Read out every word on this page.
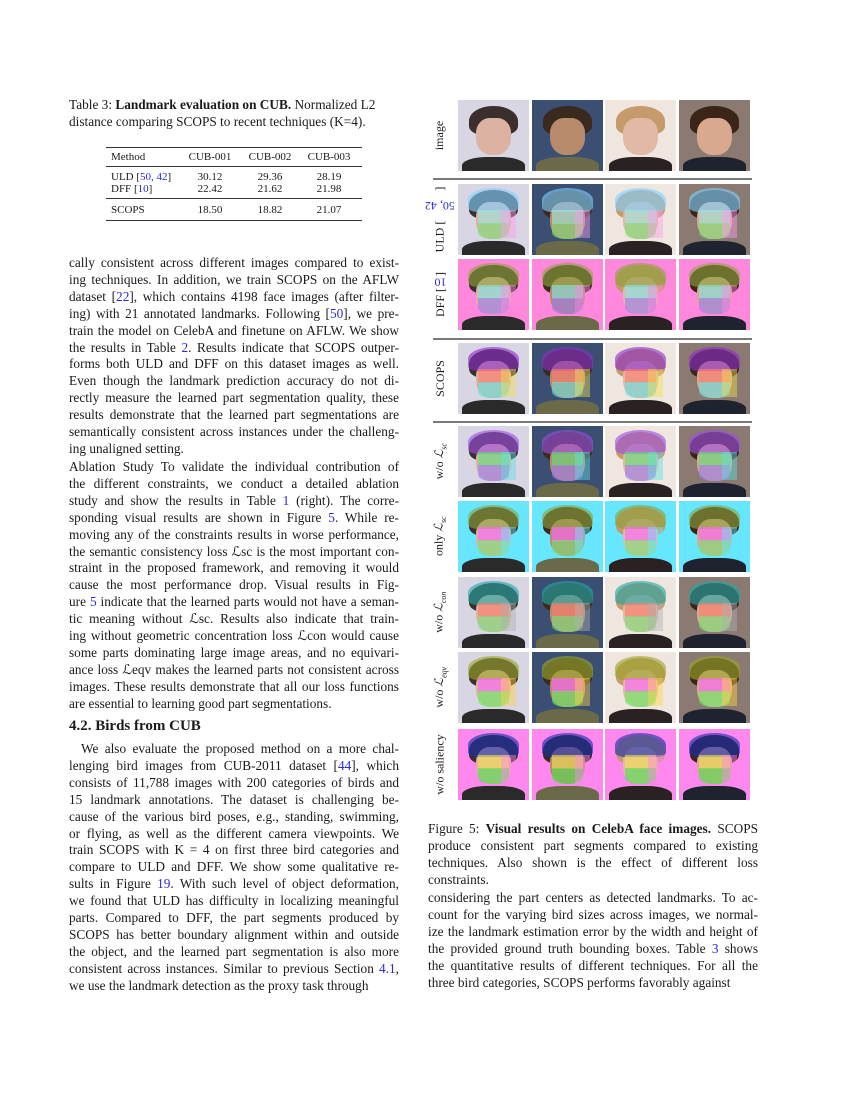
Table 3: Landmark evaluation on CUB. Normalized L2 distance comparing SCOPS to recent techniques (K=4).
Method	CUB-001	CUB-002	CUB-003
ULD [50, 42]	30.12	29.36	28.19
DFF [10]	22.42	21.62	21.98
SCOPS	18.50	18.82	21.07
cally consistent across different images compared to exist-
ing techniques. In addition, we train SCOPS on the AFLW
dataset [22], which contains 4198 face images (after filter-
ing) with 21 annotated landmarks. Following [50], we pre-
train the model on CelebA and finetune on AFLW. We show
the results in Table 2. Results indicate that SCOPS outper-
forms both ULD and DFF on this dataset images as well.
Even though the landmark prediction accuracy do not di-
rectly measure the learned part segmentation quality, these
results demonstrate that the learned part segmentations are
semantically consistent across instances under the challeng-
ing unaligned setting.
Ablation Study To validate the individual contribution of
the different constraints, we conduct a detailed ablation
study and show the results in Table 1 (right). The corre-
sponding visual results are shown in Figure 5. While re-
moving any of the constraints results in worse performance,
the semantic consistency loss ℒsc is the most important con-
straint in the proposed framework, and removing it would
cause the most performance drop. Visual results in Fig-
ure 5 indicate that the learned parts would not have a seman-
tic meaning without ℒsc. Results also indicate that train-
ing without geometric concentration loss ℒcon would cause
some parts dominating large image areas, and no equivari-
ance loss ℒeqv makes the learned parts not consistent across
images. These results demonstrate that all our loss functions
are essential to learning good part segmentations.
4.2. Birds from CUB
We also evaluate the proposed method on a more chal-
lenging bird images from CUB-2011 dataset [44], which
consists of 11,788 images with 200 categories of birds and
15 landmark annotations. The dataset is challenging be-
cause of the various bird poses, e.g., standing, swimming,
or flying, as well as the different camera viewpoints. We
train SCOPS with K = 4 on first three bird categories and
compare to ULD and DFF. We show some qualitative re-
sults in Figure 19. With such level of object deformation,
we found that ULD has difficulty in localizing meaningful
parts. Compared to DFF, the part segments produced by
SCOPS has better boundary alignment within and outside
the object, and the learned part segmentation is also more
consistent across instances. Similar to previous Section 4.1,
we use the landmark detection as the proxy task through
image
ULD [50, 42]
DFF [10]
SCOPS
w/o ℒ$_{sc}$
only ℒ$_{sc}$
w/o ℒ$_{con}$
w/o ℒ$_{eqv}$
w/o saliency
Figure 5: Visual results on CelebA face images. SCOPS produce consistent part segments compared to existing techniques. Also shown is the effect of different loss constraints.
considering the part centers as detected landmarks. To ac-
count for the varying bird sizes across images, we normal-
ize the landmark estimation error by the width and height of
the provided ground truth bounding boxes. Table 3 shows
the quantitative results of different techniques. For all the
three bird categories, SCOPS performs favorably against
